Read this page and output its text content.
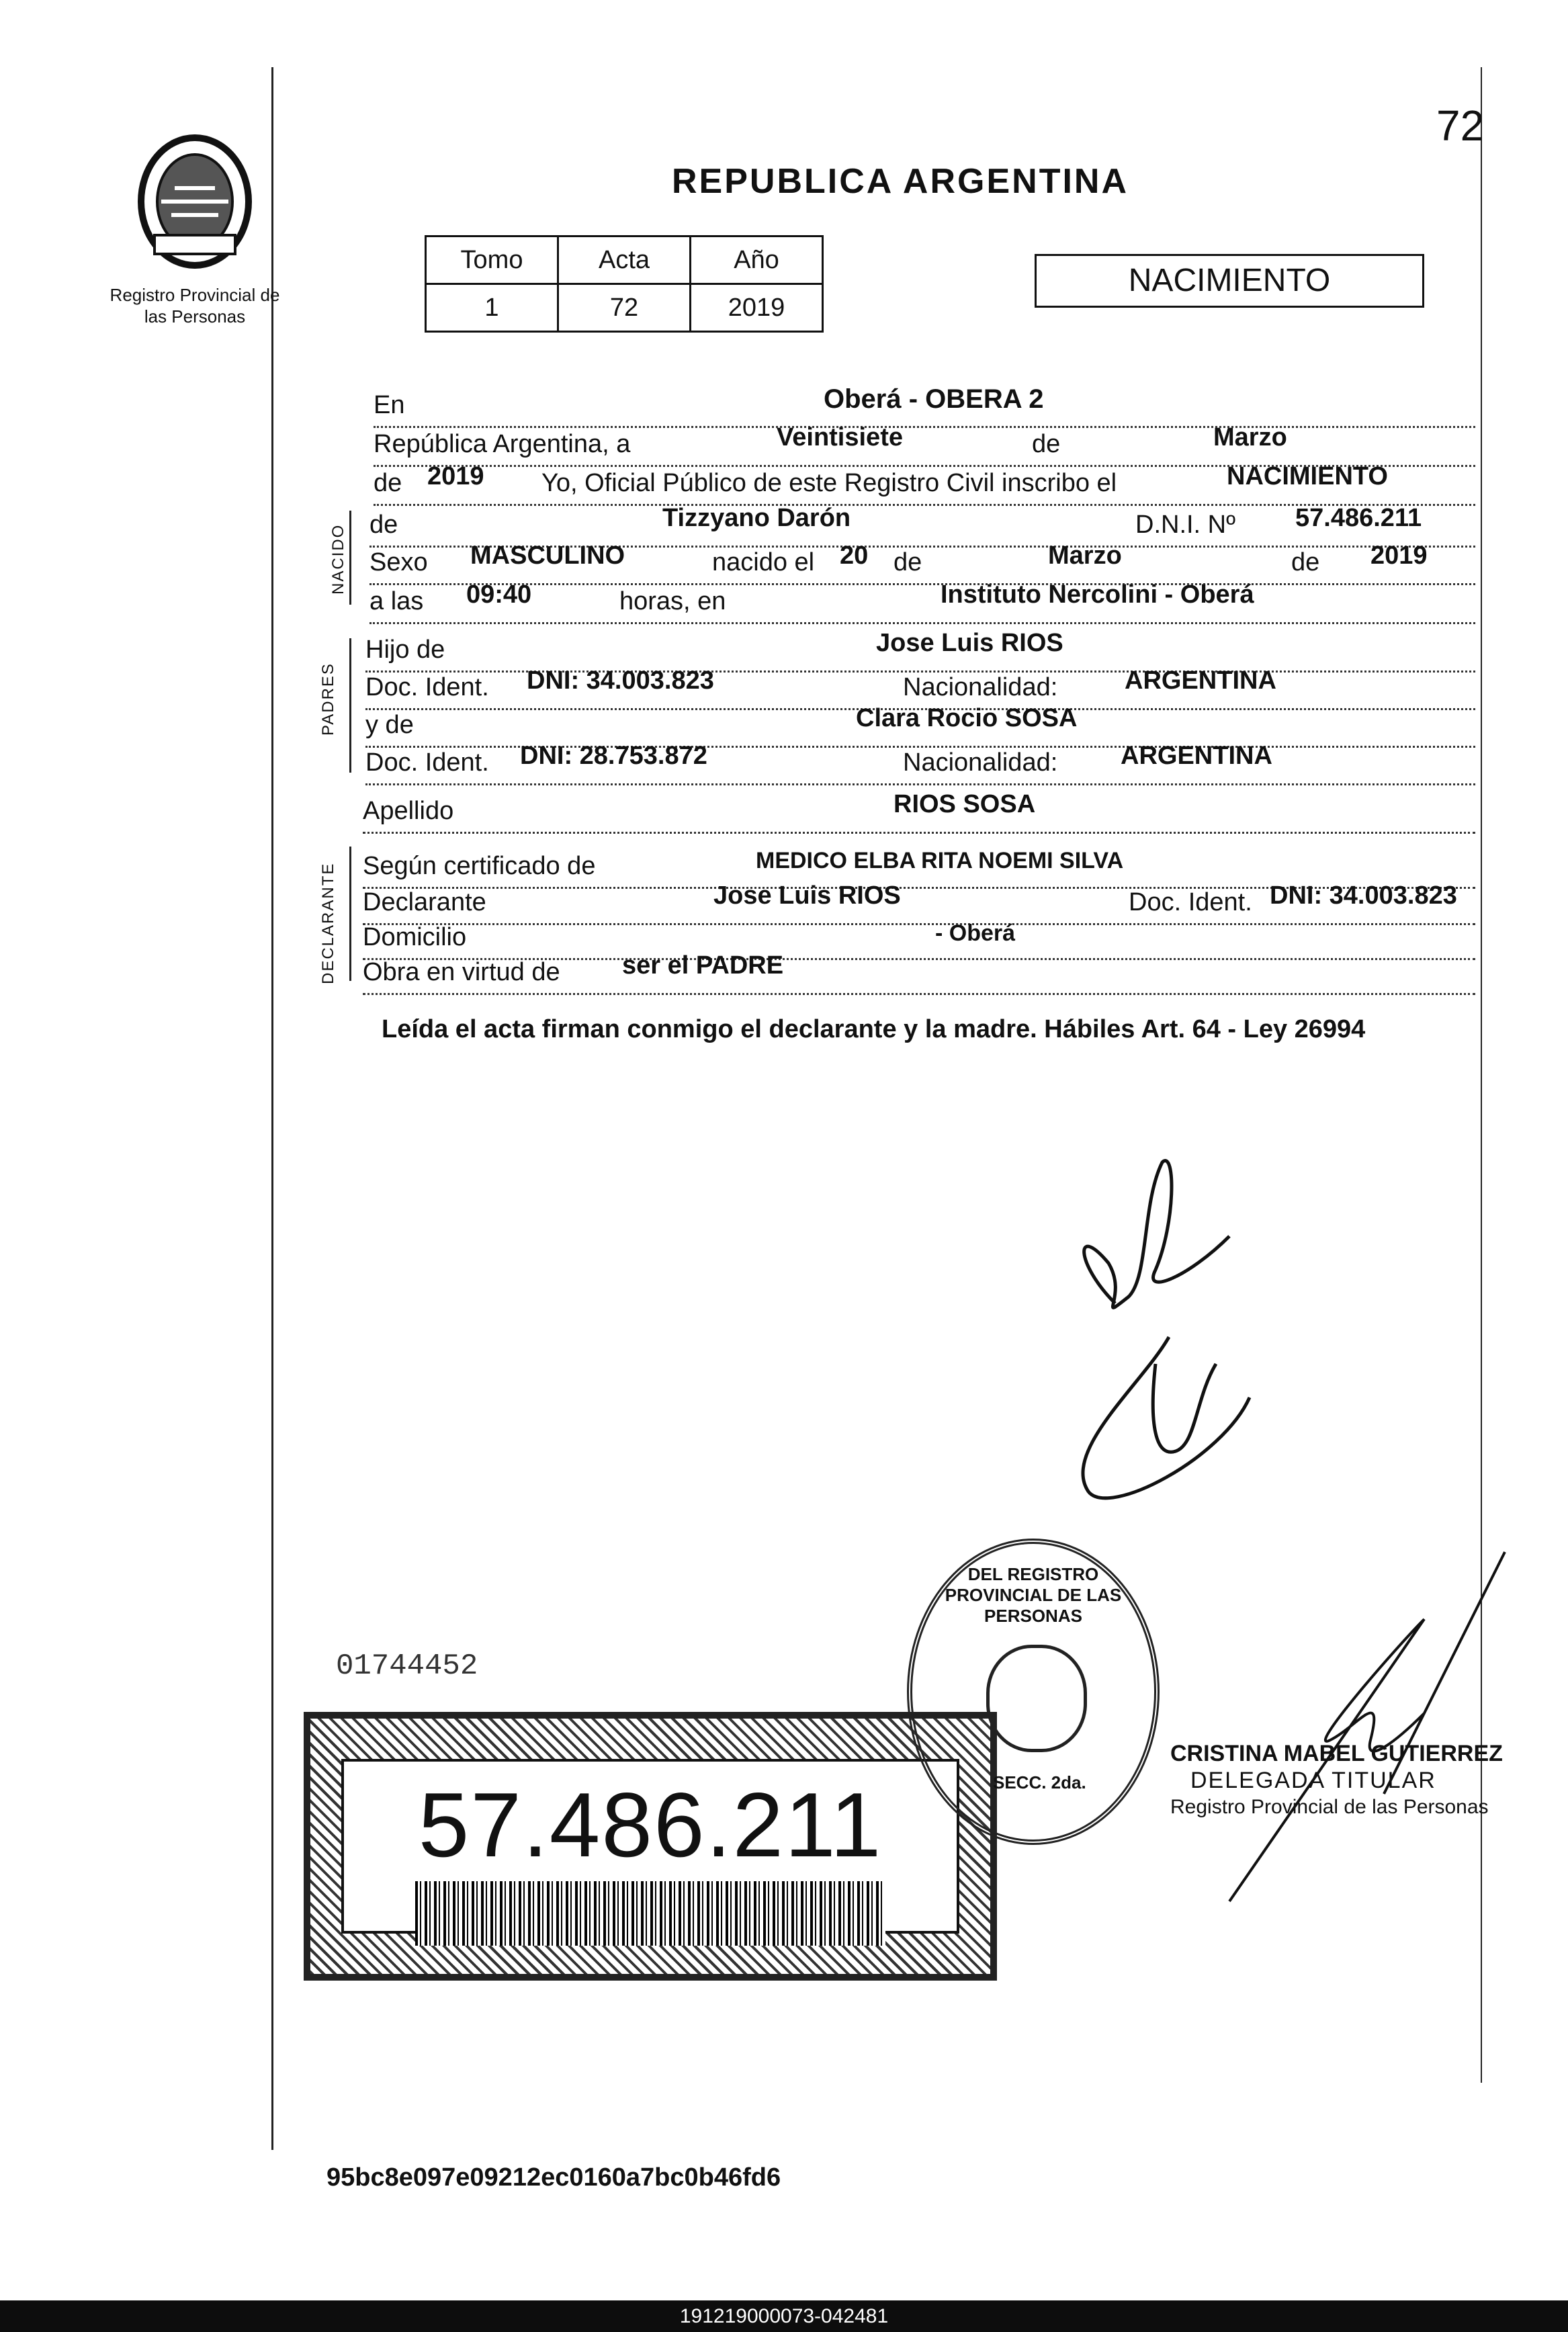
72
Registro Provincial de las Personas
REPUBLICA ARGENTINA
Tomo	Acta	Año
1	72	2019
NACIMIENTO
NACIDO
PADRES
DECLARANTE
En	Oberá - OBERA 2
República Argentina, a	Veintisiete	de	Marzo
de 2019 Yo, Oficial Público de este Registro Civil inscribo el	NACIMIENTO
de	Tizzyano Darón	D.N.I. Nº 57.486.211
Sexo MASCULINO	nacido el 20 de	Marzo	de 2019
a las 09:40	horas, en	Instituto Nercolini - Oberá
Hijo de	Jose Luis RIOS
Doc. Ident. DNI: 34.003.823	Nacionalidad:	ARGENTINA
y de	Clara Rocio SOSA
Doc. Ident. DNI: 28.753.872	Nacionalidad: ARGENTINA
Apellido	RIOS SOSA
Según certificado de	MEDICO ELBA RITA NOEMI SILVA
Declarante	Jose Luis RIOS	Doc. Ident. DNI: 34.003.823
Domicilio	- Oberá
Obra en virtud de ser el PADRE
Leída el acta firman conmigo el declarante y la madre. Hábiles Art. 64 - Ley 26994
01744452
57.486.211
DEL REGISTRO PROVINCIAL DE LAS PERSONAS
SECC. 2da.
CRISTINA MABEL GUTIERREZ
DELEGADA TITULAR
Registro Provincial de las Personas
95bc8e097e09212ec0160a7bc0b46fd6
191219000073-042481
